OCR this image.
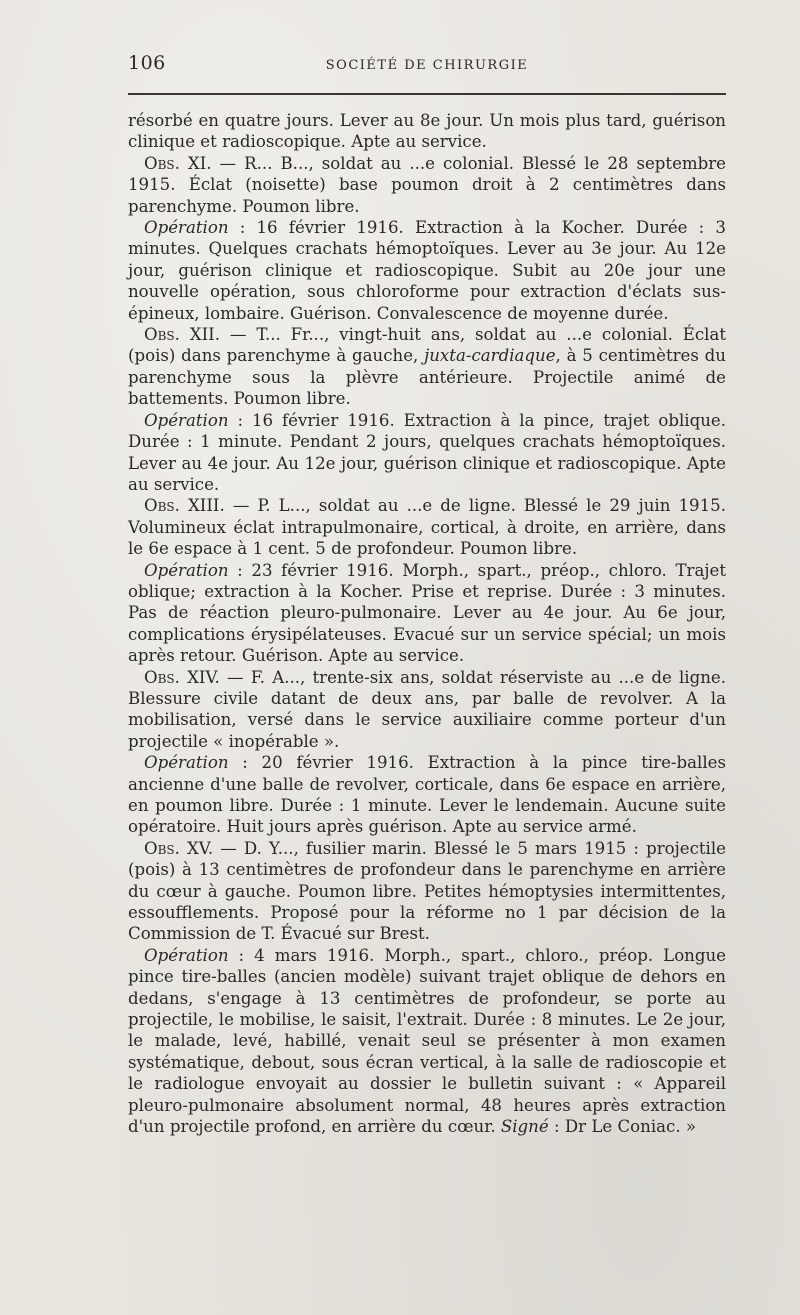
106	SOCIÉTÉ DE CHIRURGIE

résorbé en quatre jours. Lever au 8e jour. Un mois plus tard, guérison clinique et radioscopique. Apte au service.

Obs. XI. — R... B..., soldat au ...e colonial. Blessé le 28 septembre 1915. Éclat (noisette) base poumon droit à 2 centimètres dans parenchyme. Poumon libre.

Opération : 16 février 1916. Extraction à la Kocher. Durée : 3 minutes. Quelques crachats hémoptoïques. Lever au 3e jour. Au 12e jour, guérison clinique et radioscopique. Subit au 20e jour une nouvelle opération, sous chloroforme pour extraction d'éclats sus-épineux, lombaire. Guérison. Convalescence de moyenne durée.

Obs. XII. — T... Fr..., vingt-huit ans, soldat au ...e colonial. Éclat (pois) dans parenchyme à gauche, juxta-cardiaque, à 5 centimètres du parenchyme sous la plèvre antérieure. Projectile animé de battements. Poumon libre.

Opération : 16 février 1916. Extraction à la pince, trajet oblique. Durée : 1 minute. Pendant 2 jours, quelques crachats hémoptoïques. Lever au 4e jour. Au 12e jour, guérison clinique et radioscopique. Apte au service.

Obs. XIII. — P. L..., soldat au ...e de ligne. Blessé le 29 juin 1915. Volumineux éclat intrapulmonaire, cortical, à droite, en arrière, dans le 6e espace à 1 cent. 5 de profondeur. Poumon libre.

Opération : 23 février 1916. Morph., spart., préop., chloro. Trajet oblique; extraction à la Kocher. Prise et reprise. Durée : 3 minutes. Pas de réaction pleuro-pulmonaire. Lever au 4e jour. Au 6e jour, complications érysipélateuses. Evacué sur un service spécial; un mois après retour. Guérison. Apte au service.

Obs. XIV. — F. A..., trente-six ans, soldat réserviste au ...e de ligne. Blessure civile datant de deux ans, par balle de revolver. A la mobilisation, versé dans le service auxiliaire comme porteur d'un projectile « inopérable ».

Opération : 20 février 1916. Extraction à la pince tire-balles ancienne d'une balle de revolver, corticale, dans 6e espace en arrière, en poumon libre. Durée : 1 minute. Lever le lendemain. Aucune suite opératoire. Huit jours après guérison. Apte au service armé.

Obs. XV. — D. Y..., fusilier marin. Blessé le 5 mars 1915 : projectile (pois) à 13 centimètres de profondeur dans le parenchyme en arrière du cœur à gauche. Poumon libre. Petites hémoptysies intermittentes, essoufflements. Proposé pour la réforme no 1 par décision de la Commission de T. Évacué sur Brest.

Opération : 4 mars 1916. Morph., spart., chloro., préop. Longue pince tire-balles (ancien modèle) suivant trajet oblique de dehors en dedans, s'engage à 13 centimètres de profondeur, se porte au projectile, le mobilise, le saisit, l'extrait. Durée : 8 minutes. Le 2e jour, le malade, levé, habillé, venait seul se présenter à mon examen systématique, debout, sous écran vertical, à la salle de radioscopie et le radiologue envoyait au dossier le bulletin suivant : « Appareil pleuro-pulmonaire absolument normal, 48 heures après extraction d'un projectile profond, en arrière du cœur. Signé : Dr Le Coniac. »
